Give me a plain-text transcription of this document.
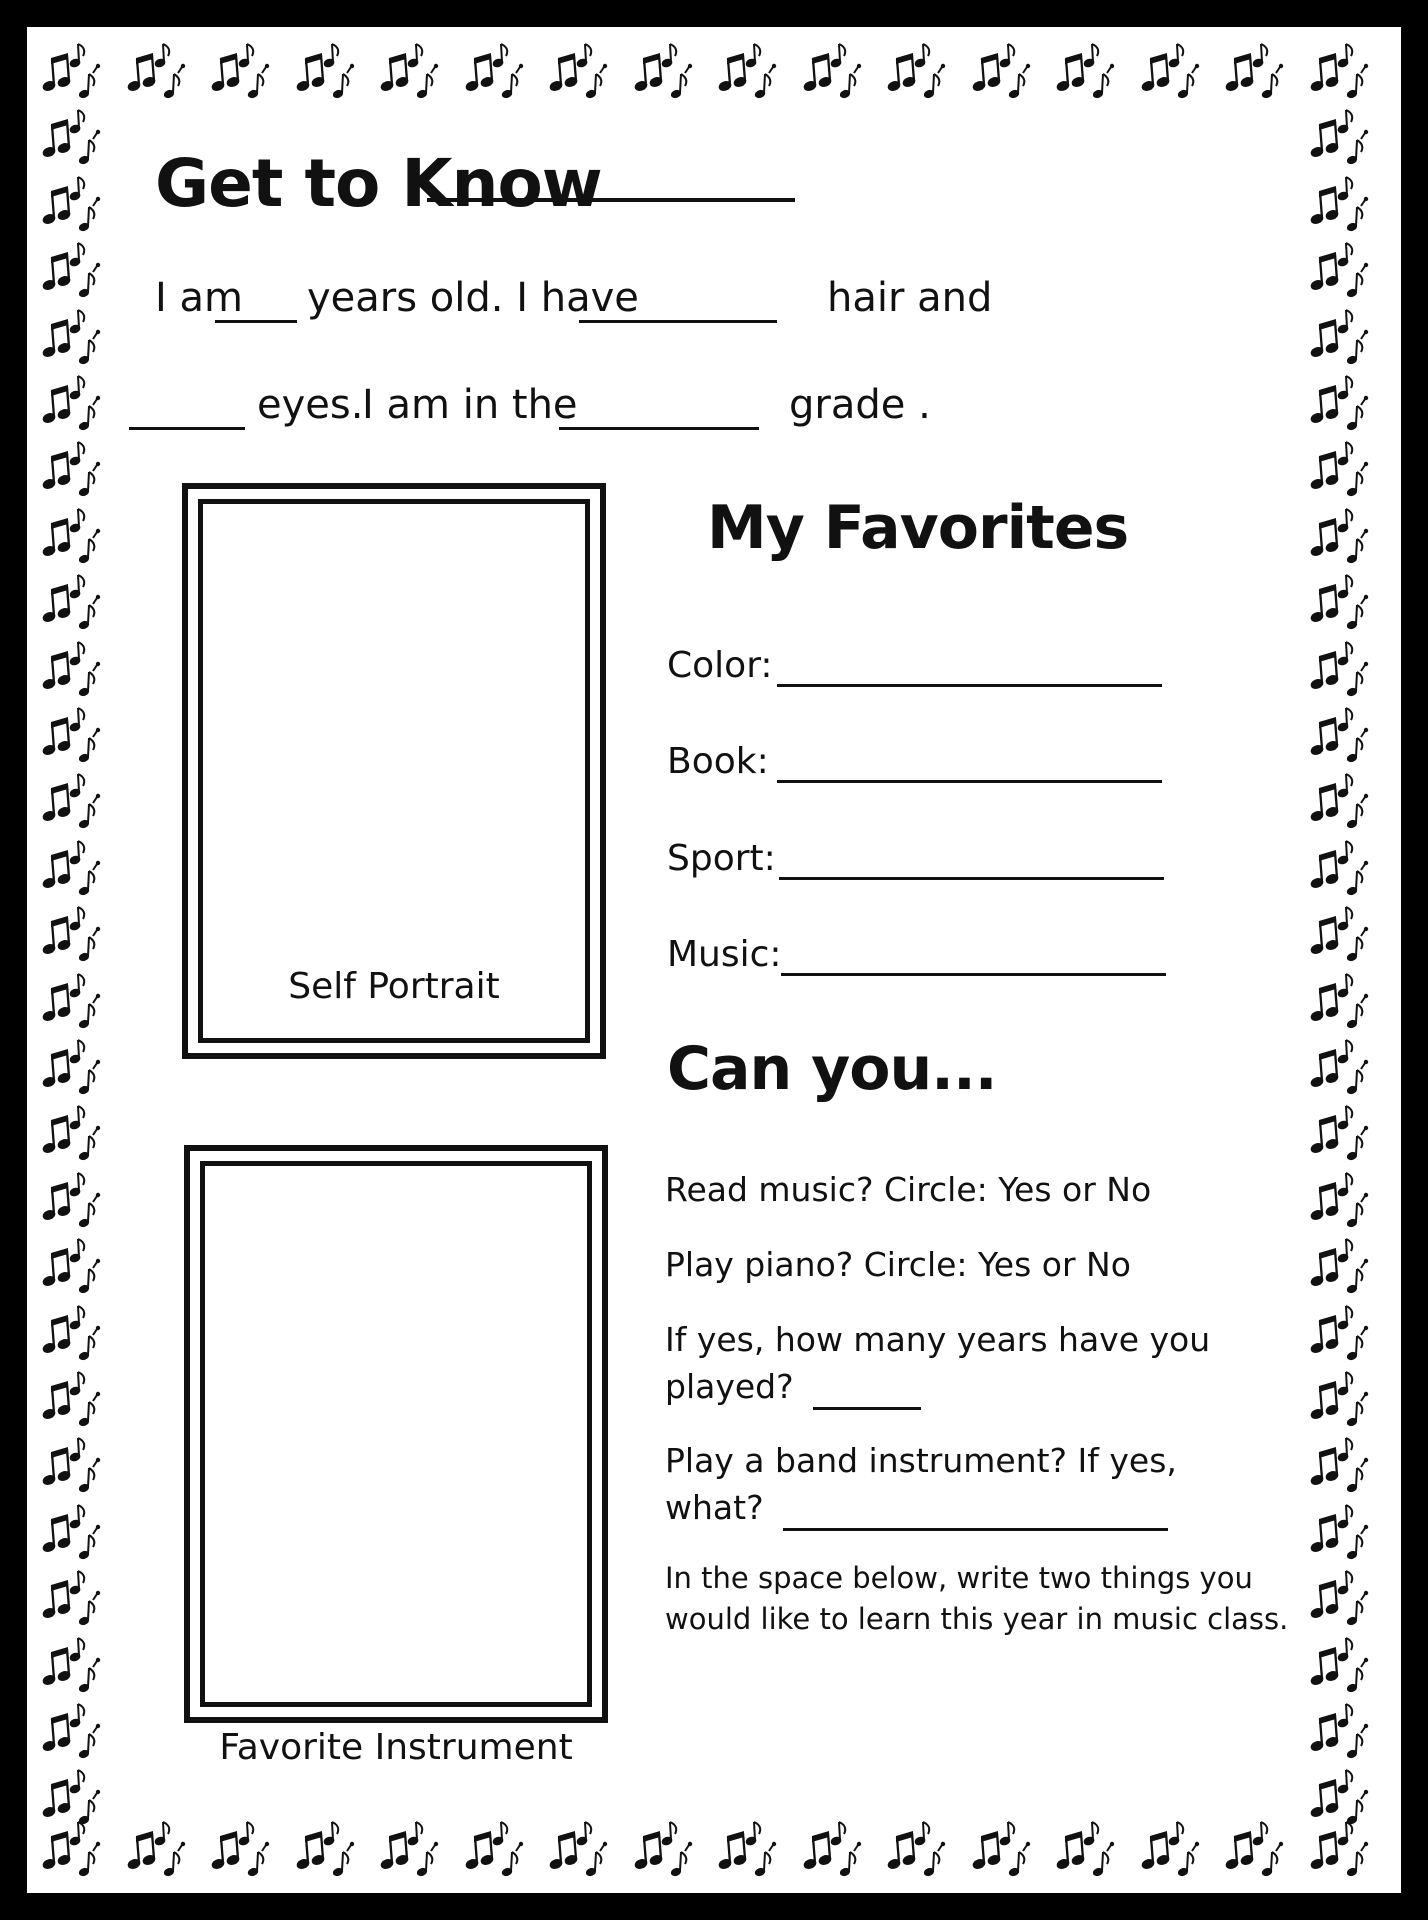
Get to Know
I am years old. I have	hair and
eyes.
I am in the	grade .
Self Portrait
Favorite Instrument
My Favorites
Color:
Book:
Sport:
Music:
Can you...
Read music? Circle: Yes or No
Play piano? Circle: Yes or No
If yes, how many years have you
played?
Play a band instrument? If yes,
what?
In the space below, write two things you would like to learn this year in music class.
